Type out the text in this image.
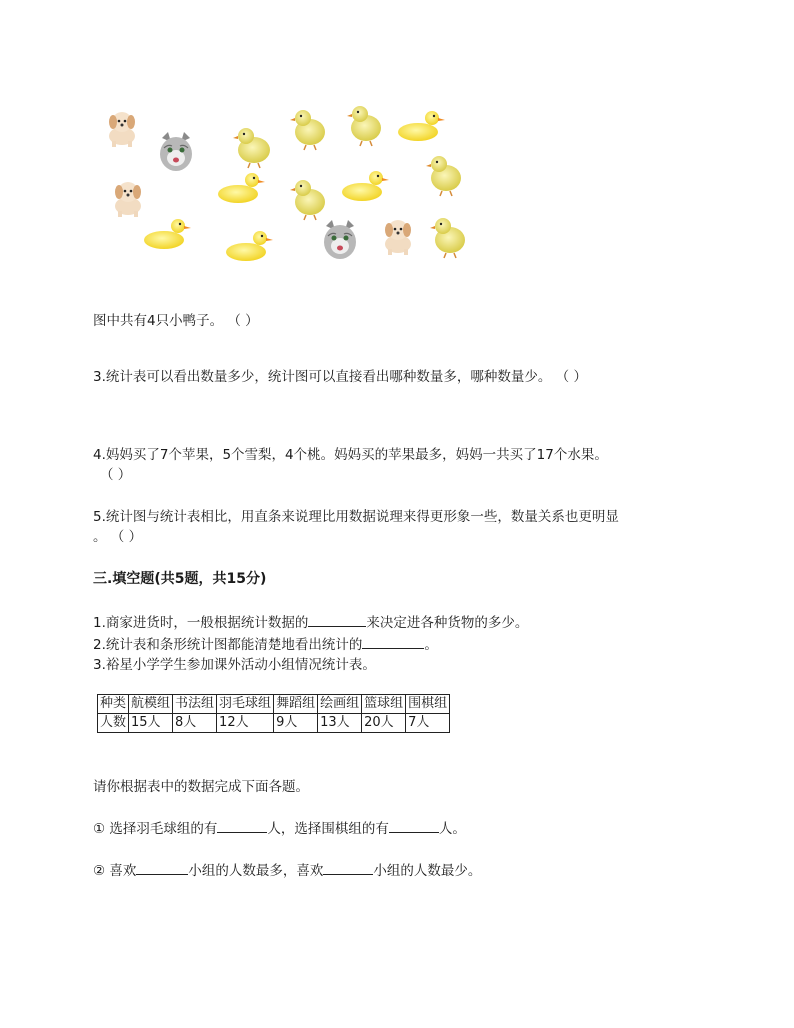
图中共有4只小鸭子。 （ ）
3.统计表可以看出数量多少，统计图可以直接看出哪种数量多，哪种数量少。 （ ）
4.妈妈买了7个苹果，5个雪梨，4个桃。妈妈买的苹果最多，妈妈一共买了17个水果。
（ ）
5.统计图与统计表相比，用直条来说理比用数据说理来得更形象一些，数量关系也更明显
。 （ ）
三.填空题(共5题，共15分)
1.商家进货时，一般根据统计数据的	来决定进各种货物的多少。
2.统计表和条形统计图都能清楚地看出统计的	。
3.裕星小学学生参加课外活动小组情况统计表。
种类	航模组	书法组	羽毛球组	舞蹈组	绘画组	篮球组	围棋组
人数	15人	8人	12人	9人	13人	20人	7人
请你根据表中的数据完成下面各题。
① 选择羽毛球组的有	人，选择围棋组的有	人。
② 喜欢	小组的人数最多，喜欢	小组的人数最少。
